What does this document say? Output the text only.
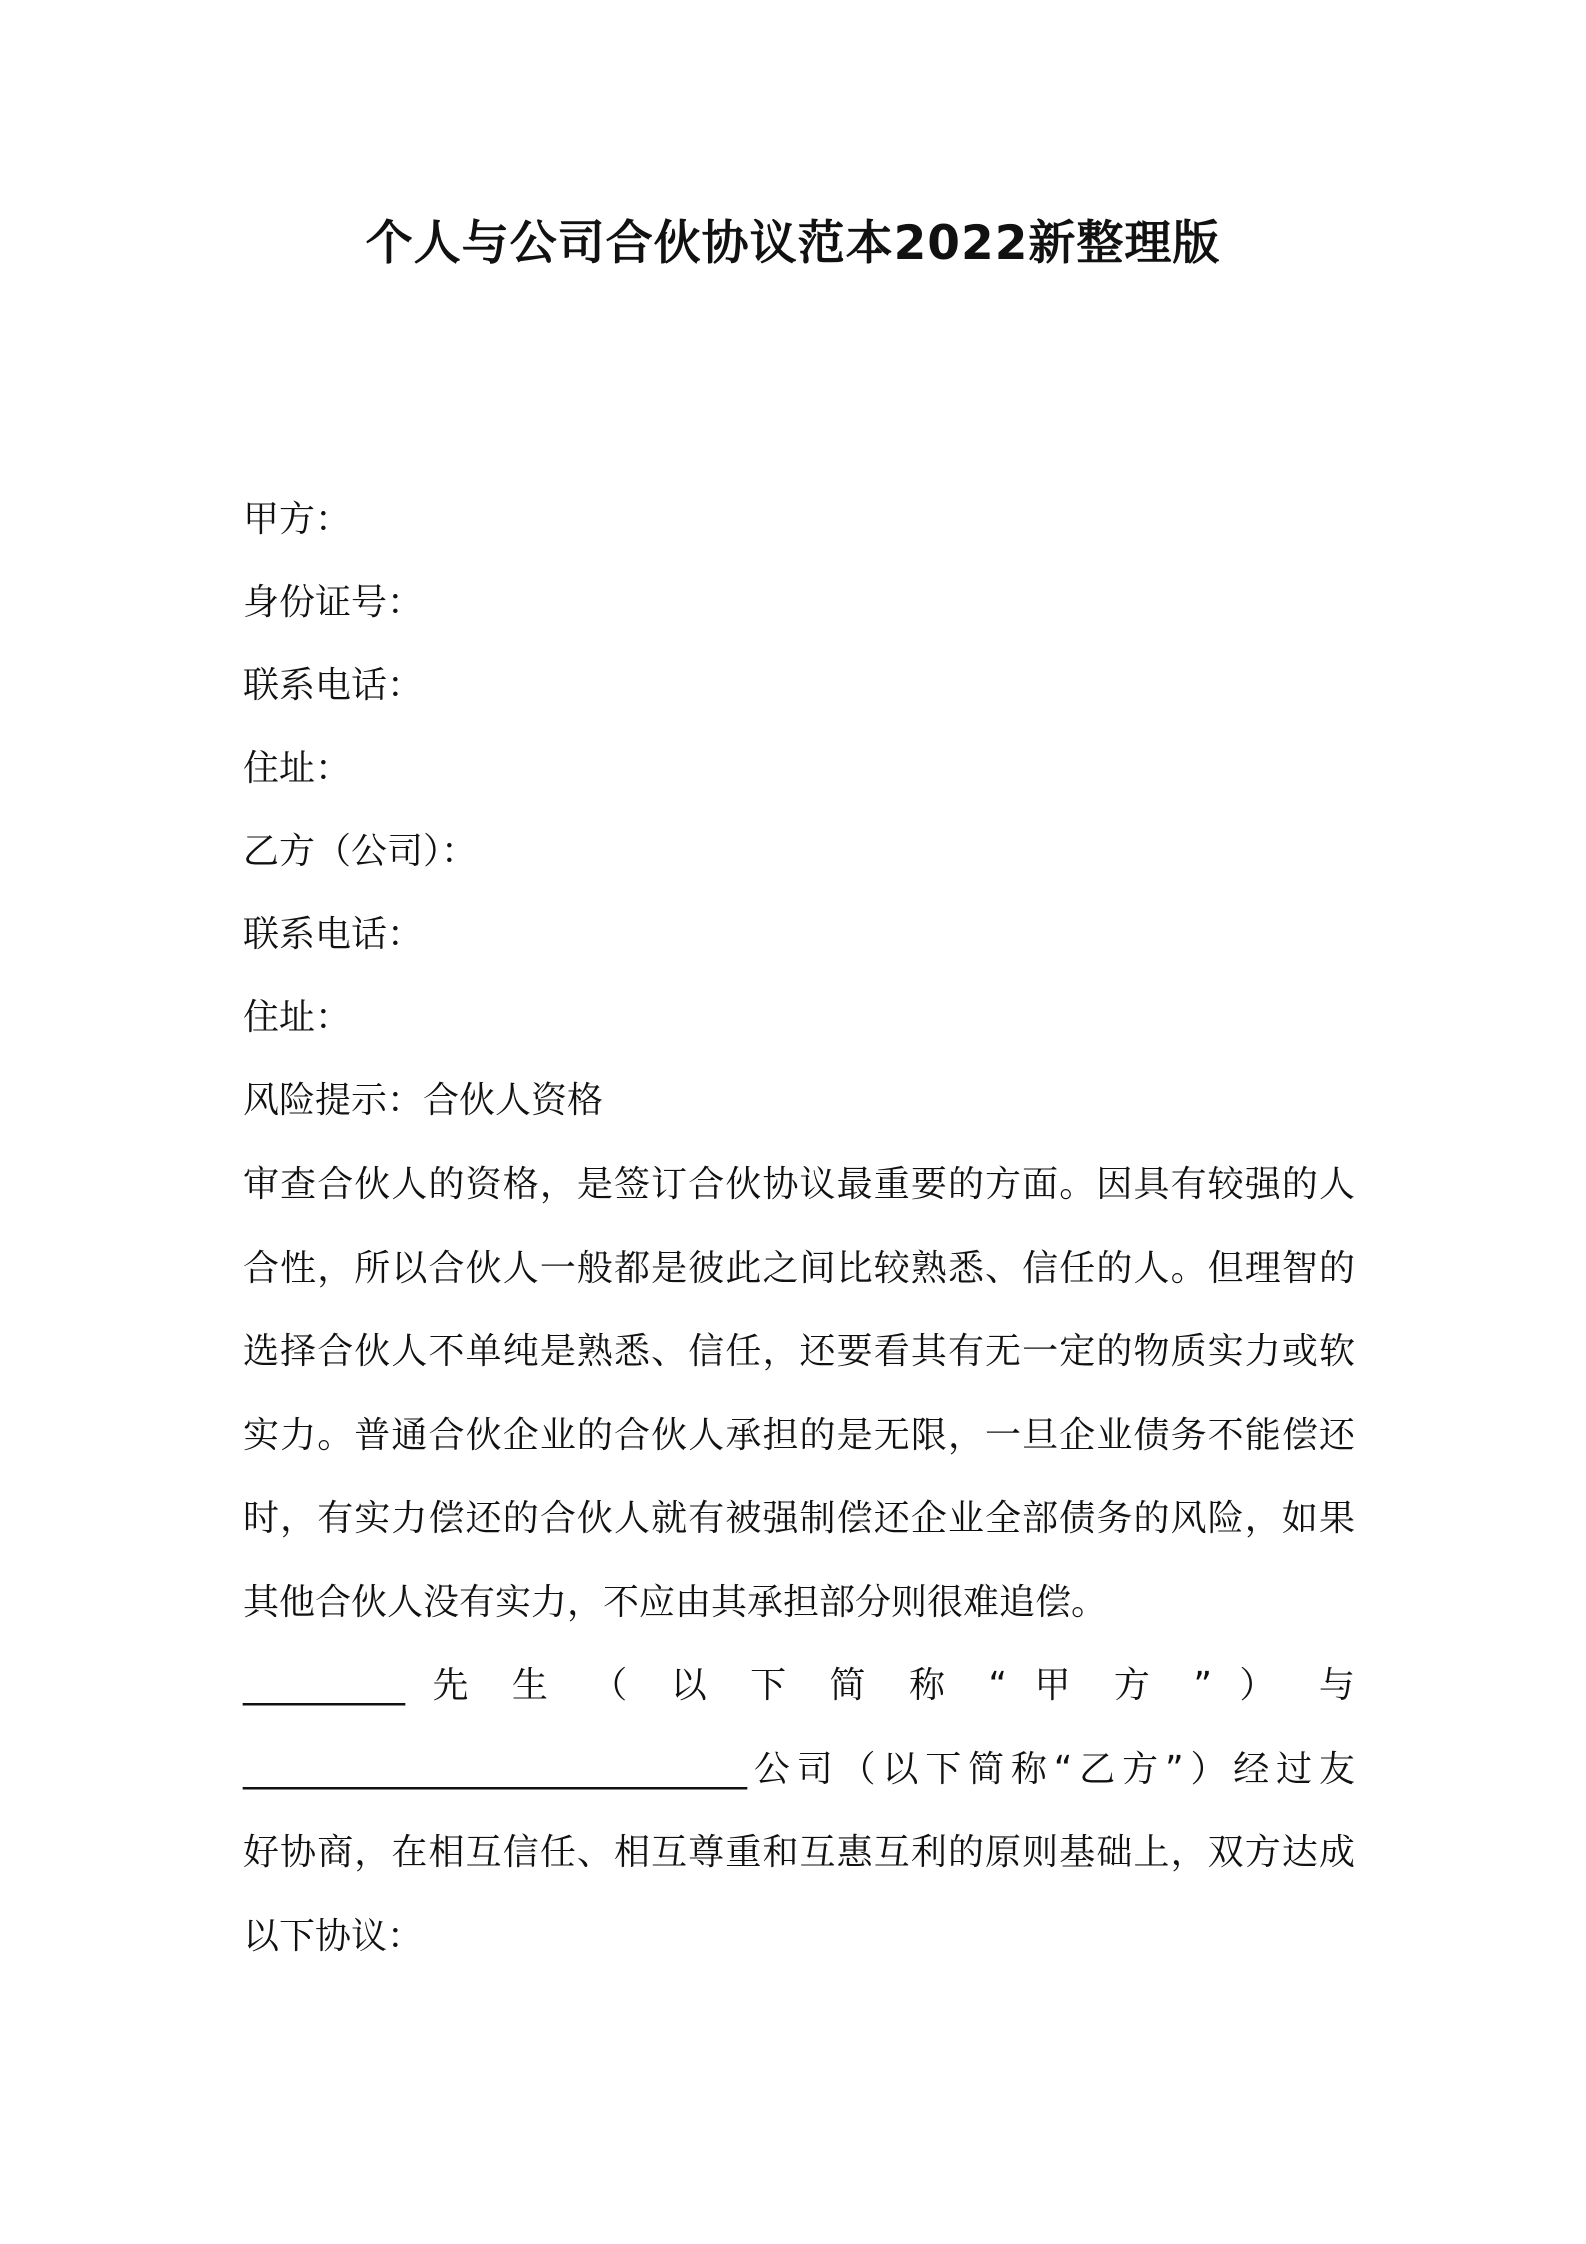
个人与公司合伙协议范本2022新整理版
甲方：
身份证号：
联系电话：
住址：
乙方（公司）：
联系电话：
住址：
风险提示：合伙人资格
审查合伙人的资格，是签订合伙协议最重要的方面。因具有较强的人
合性，所以合伙人一般都是彼此之间比较熟悉、信任的人。但理智的
选择合伙人不单纯是熟悉、信任，还要看其有无一定的物质实力或软
实力。普通合伙企业的合伙人承担的是无限，一旦企业债务不能偿还
时，有实力偿还的合伙人就有被强制偿还企业全部债务的风险，如果
其他合伙人没有实力，不应由其承担部分则很难追偿。
_________ 先 生 （ 以 下 简 称 “ 甲 方 ” ） 与
____________________________公司（以下简称“乙方”）经过友
好协商，在相互信任、相互尊重和互惠互利的原则基础上，双方达成
以下协议：
